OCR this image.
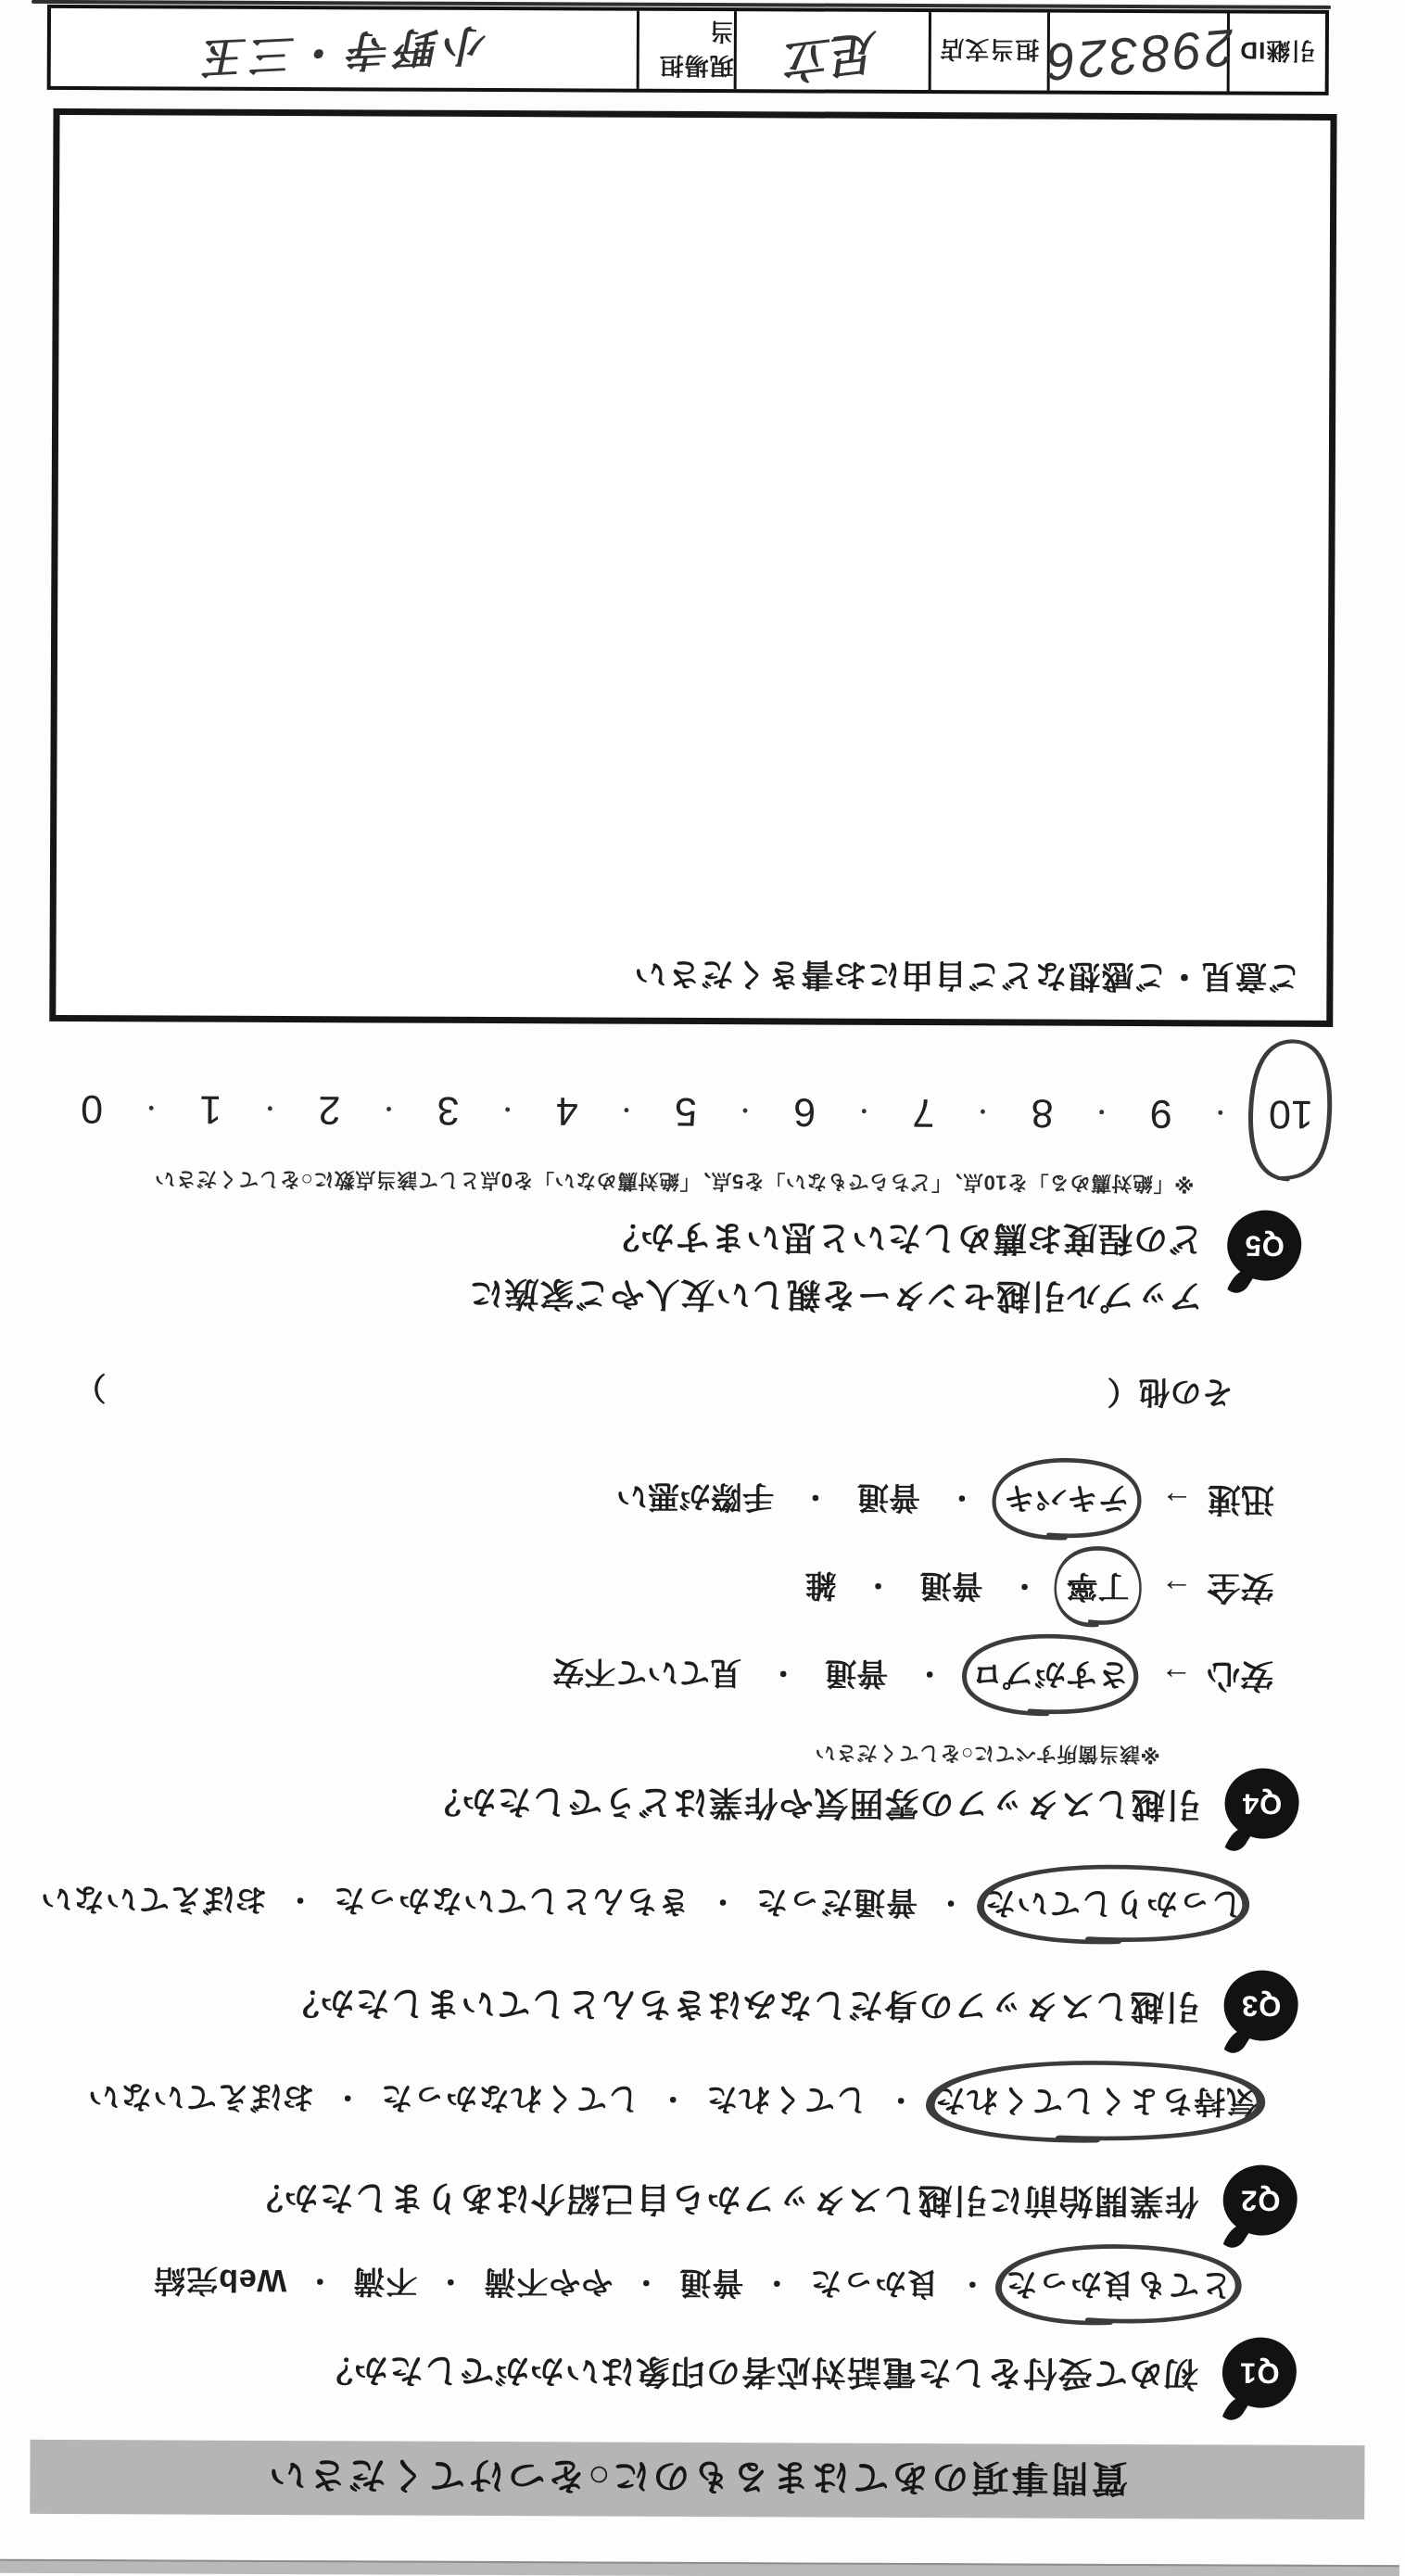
質問事項のあてはまるものに○をつけてください
Q1
初めて受付をした電話対応者の印象はいかがでしたか？
とても良かった
・
良かった
・
普通
・
やや不満
・
不満
・
Web完結
Q2
作業開始前に引越しスタッフから自己紹介はありましたか？
気持ちよくしてくれた
・
してくれた
・
してくれなかった
・
おぼえていない
Q3
引越しスタッフの身だしなみはきちんとしていましたか？
しっかりしていた
・
普通だった
・
きちんとしていなかった
・
おぼえていない
Q4
引越しスタッフの雰囲気や作業はどうでしたか？
※該当箇所すべてに○をしてください
安心
→
さすがプロ
・
普通
・
見ていて不安
安全
→
丁寧
・
普通
・
雑
迅速
→
テキパキ
・
普通
・
手際が悪い
その他（
）
Q5
アップル引越センターを親しい友人やご家族に
どの程度お薦めしたいと思いますか？
※「絶対薦める」を10点、「どちらでもない」を5点、「絶対薦めない」を0点として該当点数に○をしてください
10
・
9
・
8
・
7
・
6
・
5
・
4
・
3
・
2
・
1
・
0
ご意見・ご感想などご自由にお書きください
引継ID
298326
担当支店
足立
現場担当
小野寺・三玉
